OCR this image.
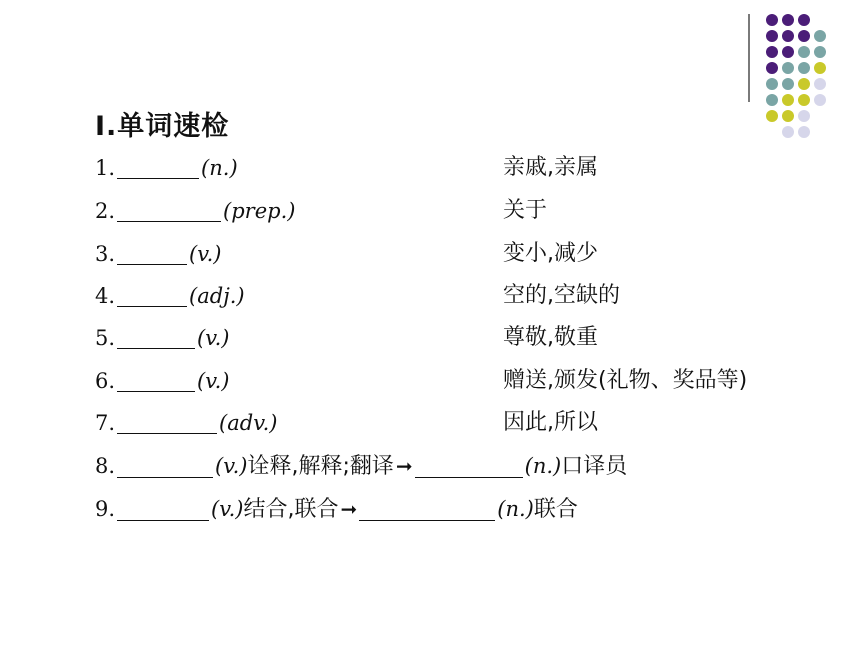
Ⅰ.单词速检
1.	(n.)	亲戚,亲属
2.	(prep.)	关于
3.	(v.)	变小,减少
4.	(adj.)	空的,空缺的
5.	(v.)	尊敬,敬重
6.	(v.)	赠送,颁发(礼物、奖品等)
7.	(adv.)	因此,所以
8.	(v.)诠释,解释;翻译 ➞	(n.)口译员
9.	(v.)结合,联合 ➞	(n.)联合
